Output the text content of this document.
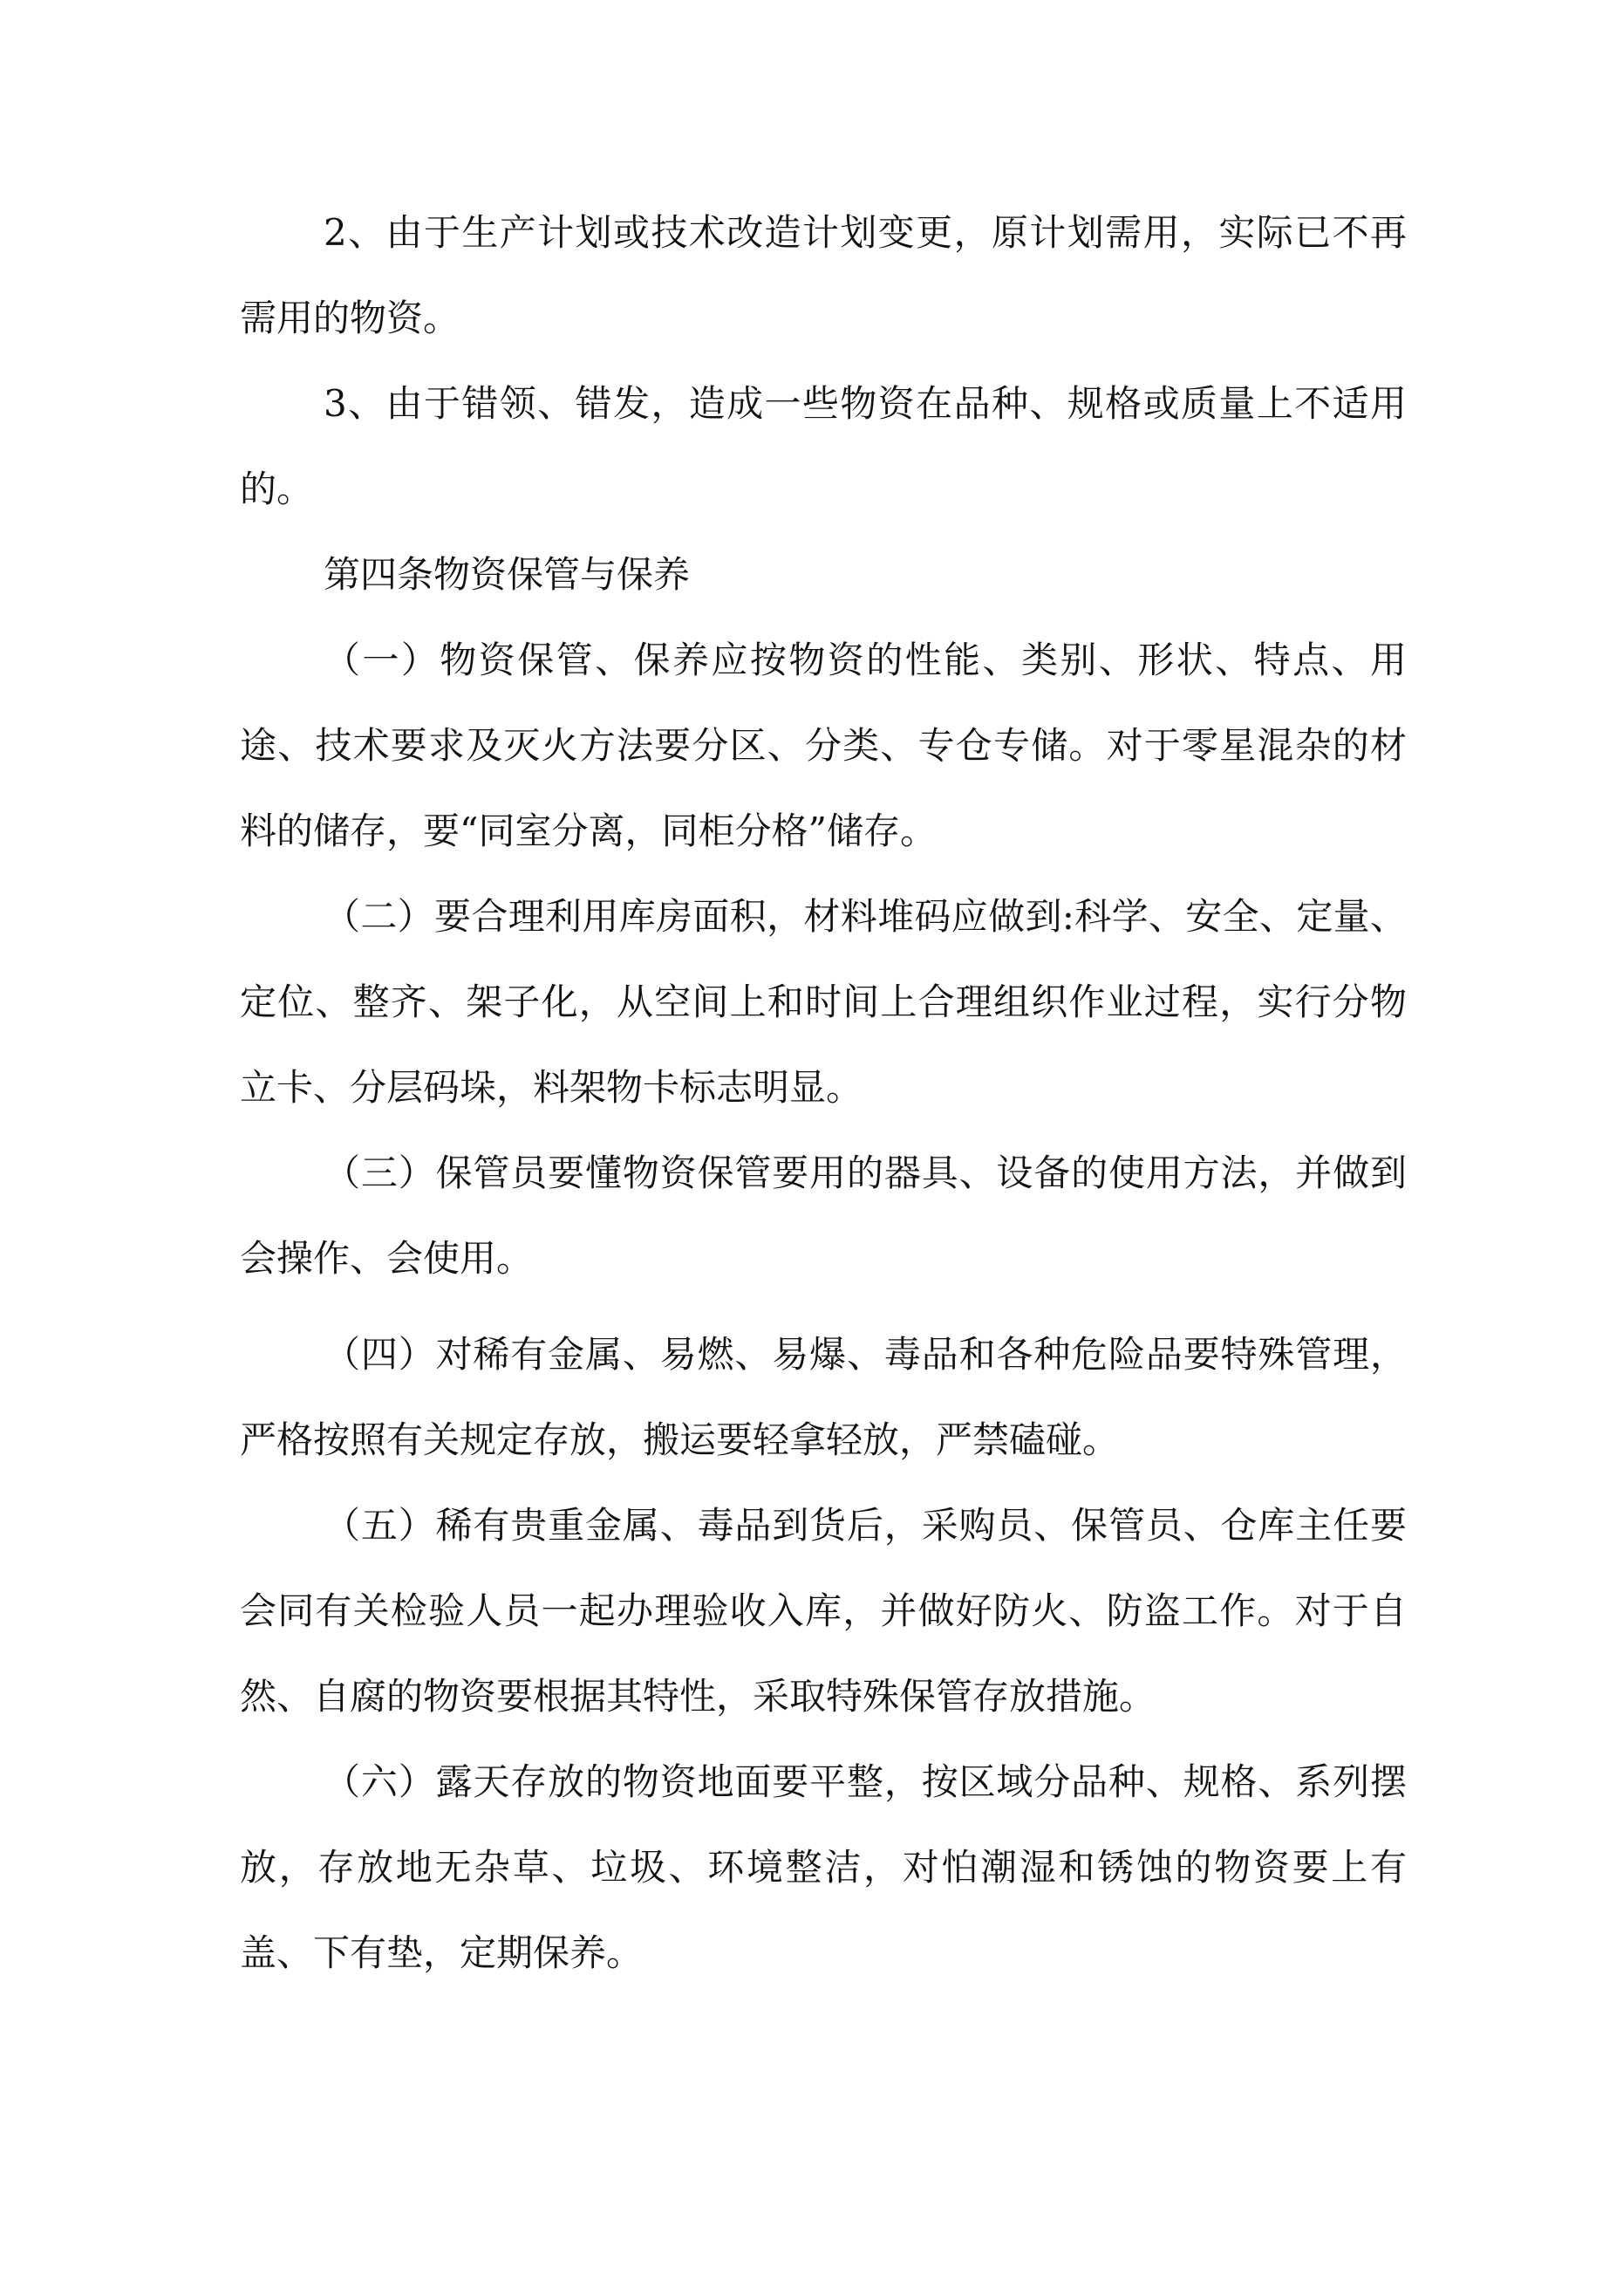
2、由于生产计划或技术改造计划变更，原计划需用，实际已不再需用的物资。

3、由于错领、错发，造成一些物资在品种、规格或质量上不适用的。

第四条物资保管与保养

（一）物资保管、保养应按物资的性能、类别、形状、特点、用途、技术要求及灭火方法要分区、分类、专仓专储。对于零星混杂的材料的储存，要“同室分离，同柜分格”储存。

（二）要合理利用库房面积，材料堆码应做到:科学、安全、定量、定位、整齐、架子化，从空间上和时间上合理组织作业过程，实行分物立卡、分层码垛，料架物卡标志明显。

（三）保管员要懂物资保管要用的器具、设备的使用方法，并做到会操作、会使用。

（四）对稀有金属、易燃、易爆、毒品和各种危险品要特殊管理，严格按照有关规定存放，搬运要轻拿轻放，严禁磕碰。

（五）稀有贵重金属、毒品到货后，采购员、保管员、仓库主任要会同有关检验人员一起办理验收入库，并做好防火、防盗工作。对于自然、自腐的物资要根据其特性，采取特殊保管存放措施。

（六）露天存放的物资地面要平整，按区域分品种、规格、系列摆放，存放地无杂草、垃圾、环境整洁，对怕潮湿和锈蚀的物资要上有盖、下有垫，定期保养。
